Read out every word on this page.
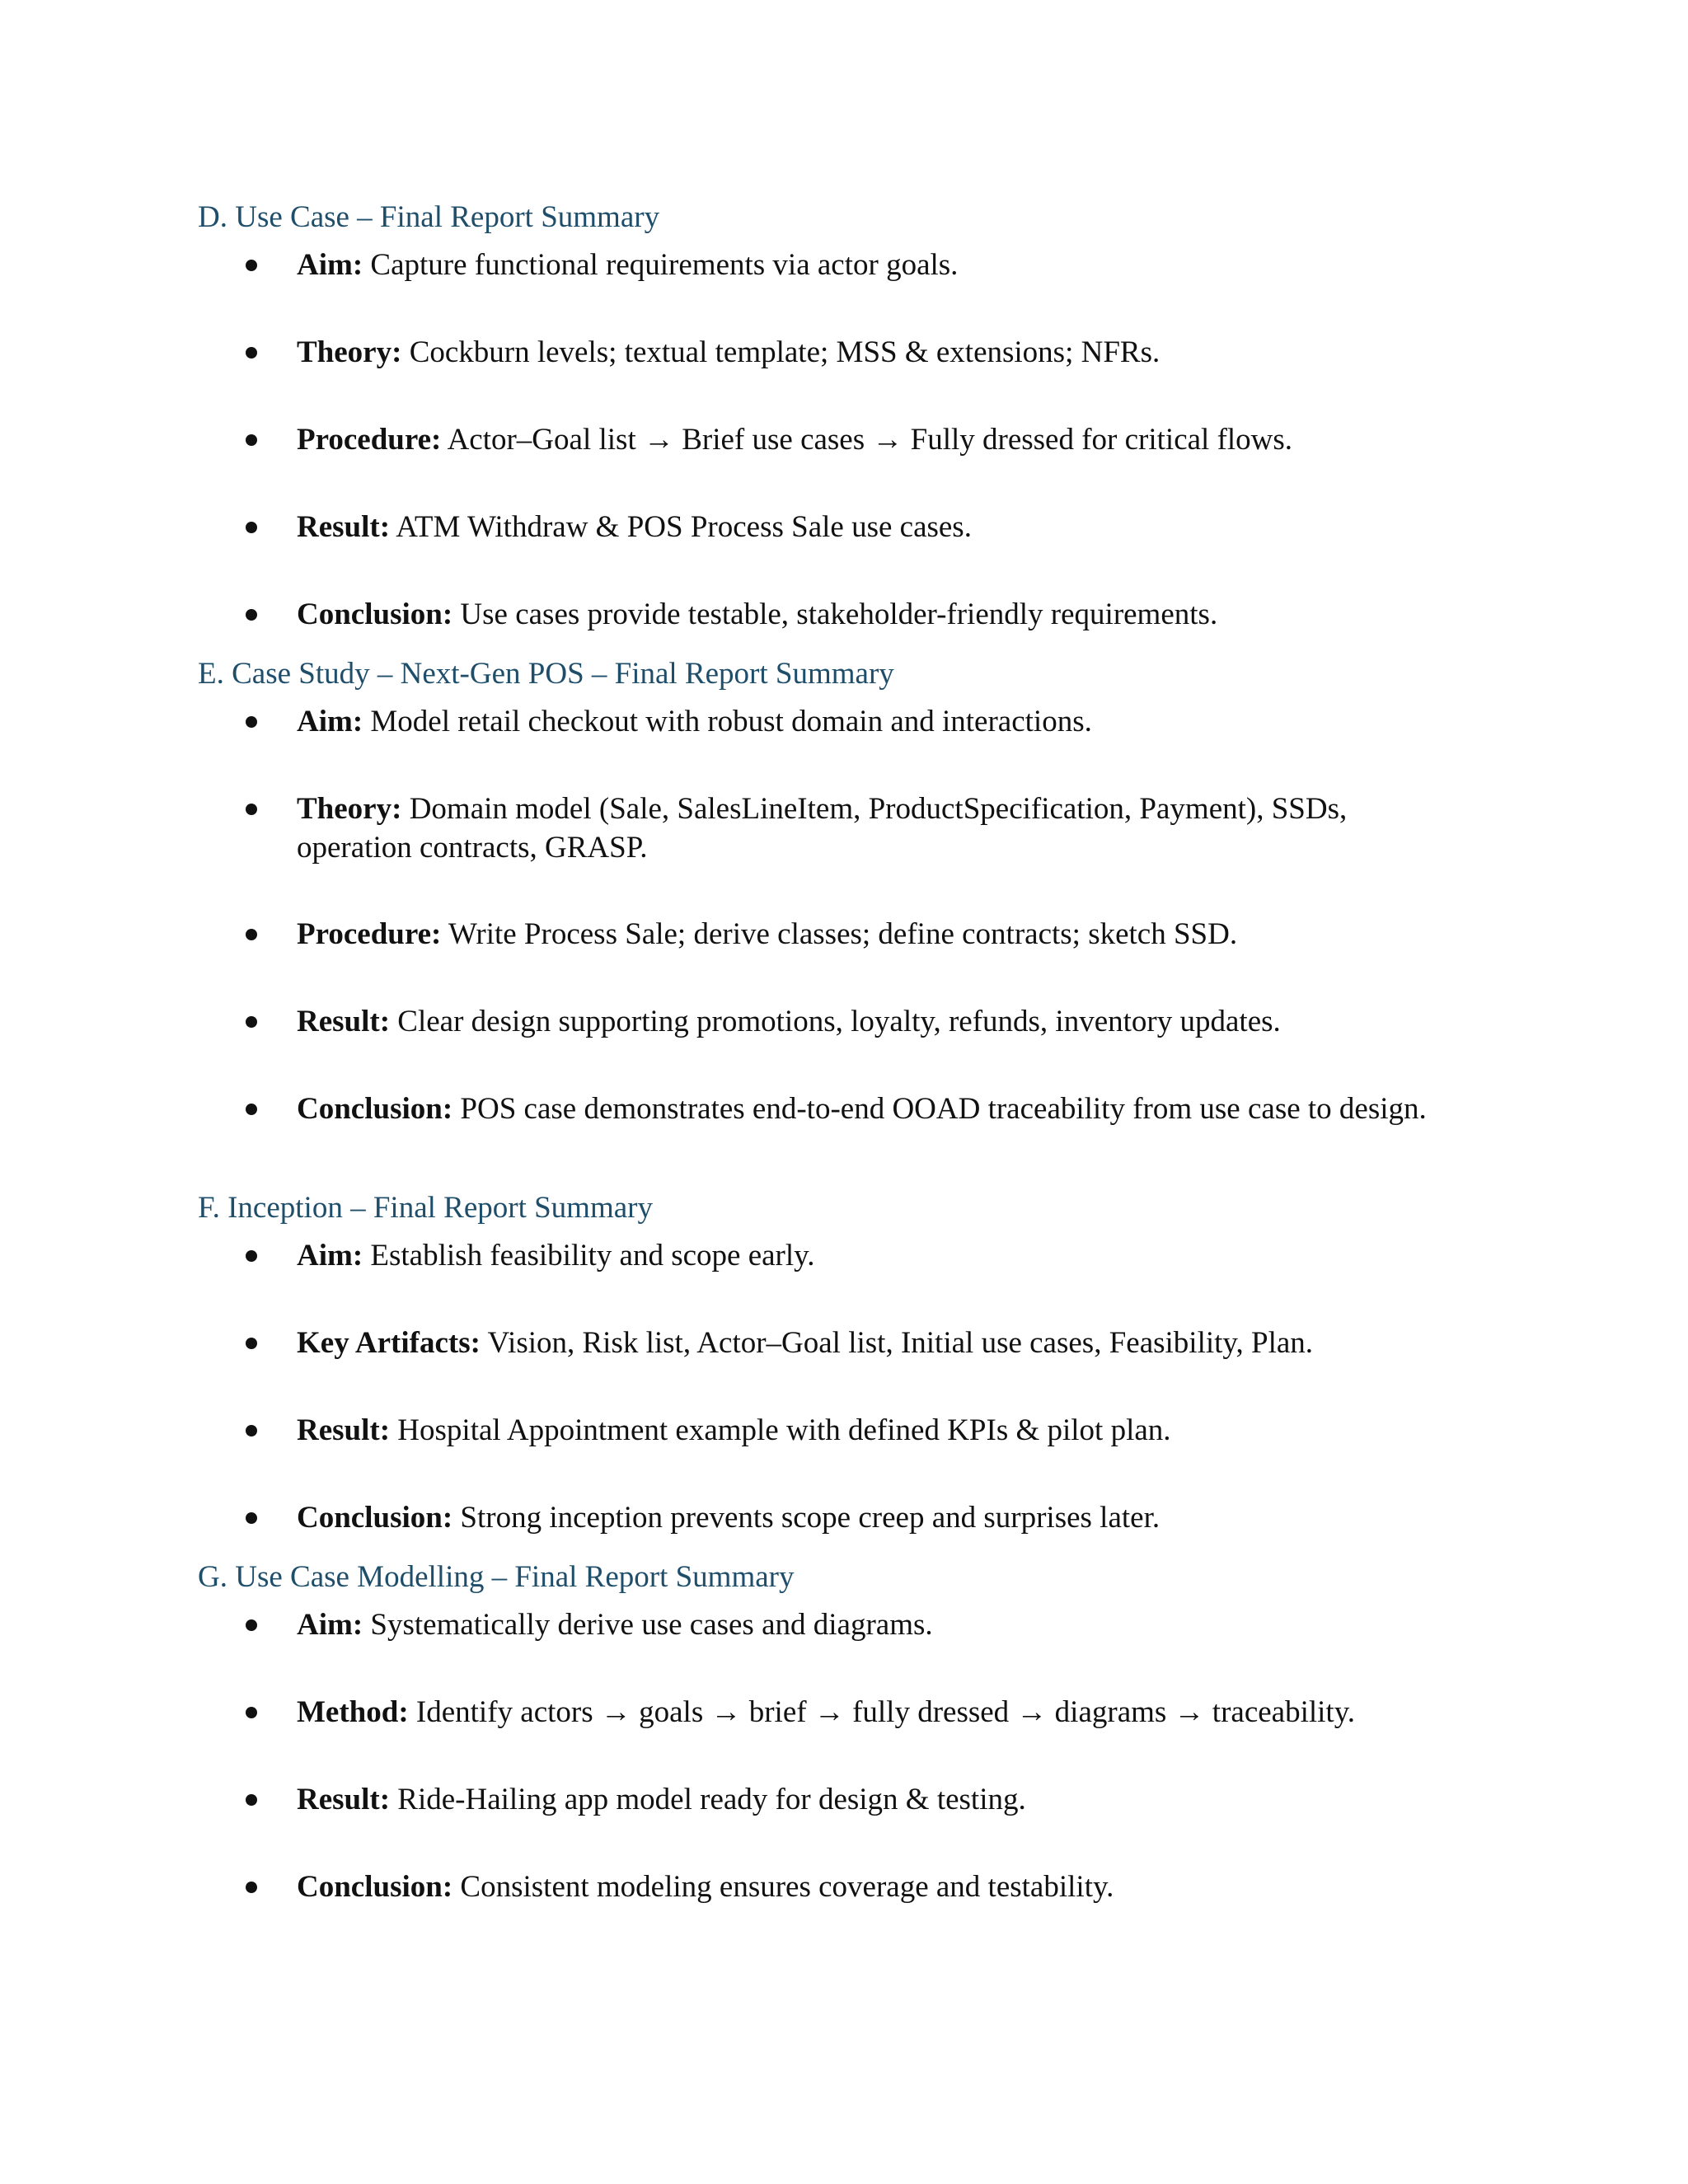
D. Use Case – Final Report Summary
Aim: Capture functional requirements via actor goals.
Theory: Cockburn levels; textual template; MSS & extensions; NFRs.
Procedure: Actor–Goal list → Brief use cases → Fully dressed for critical flows.
Result: ATM Withdraw & POS Process Sale use cases.
Conclusion: Use cases provide testable, stakeholder-friendly requirements.
E. Case Study – Next-Gen POS – Final Report Summary
Aim: Model retail checkout with robust domain and interactions.
Theory: Domain model (Sale, SalesLineItem, ProductSpecification, Payment), SSDs, operation contracts, GRASP.
Procedure: Write Process Sale; derive classes; define contracts; sketch SSD.
Result: Clear design supporting promotions, loyalty, refunds, inventory updates.
Conclusion: POS case demonstrates end-to-end OOAD traceability from use case to design.
F. Inception – Final Report Summary
Aim: Establish feasibility and scope early.
Key Artifacts: Vision, Risk list, Actor–Goal list, Initial use cases, Feasibility, Plan.
Result: Hospital Appointment example with defined KPIs & pilot plan.
Conclusion: Strong inception prevents scope creep and surprises later.
G. Use Case Modelling – Final Report Summary
Aim: Systematically derive use cases and diagrams.
Method: Identify actors → goals → brief → fully dressed → diagrams → traceability.
Result: Ride-Hailing app model ready for design & testing.
Conclusion: Consistent modeling ensures coverage and testability.
